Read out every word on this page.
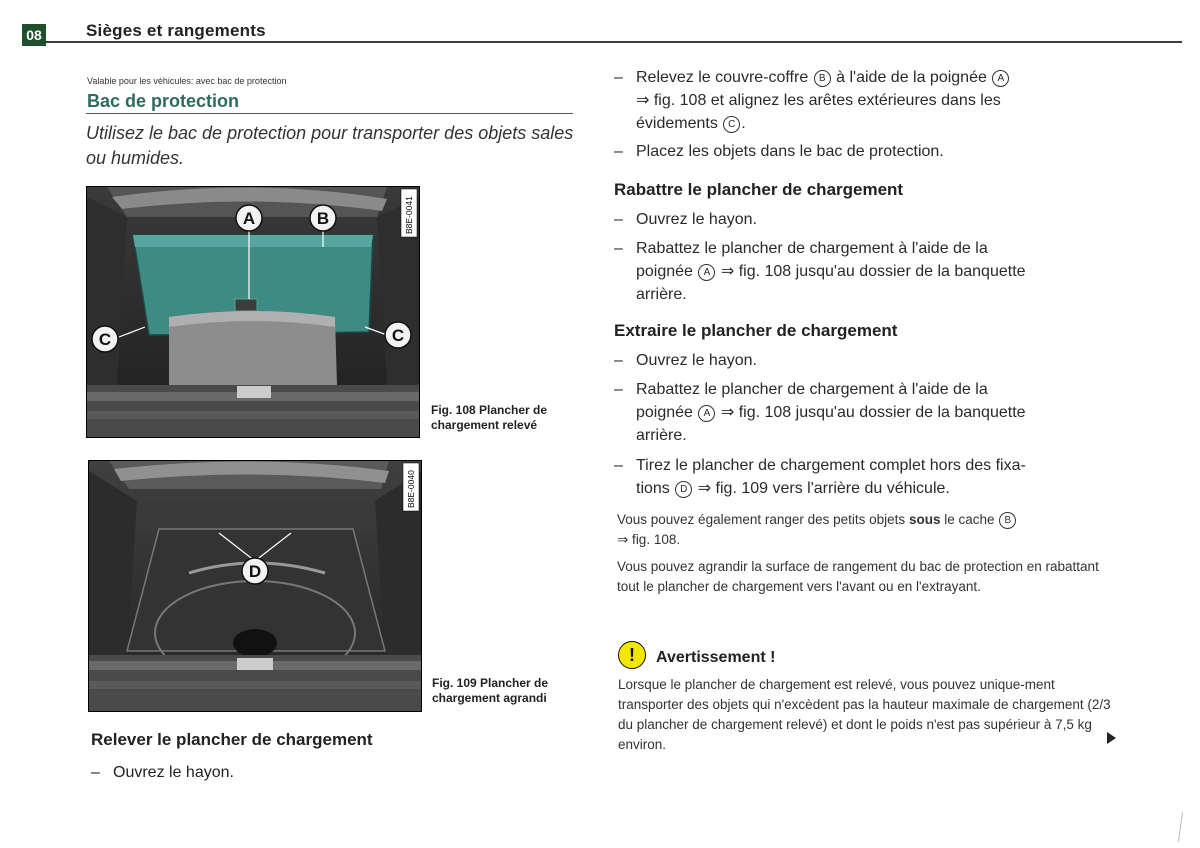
08	Sièges et rangements
Valable pour les véhicules: avec bac de protection
Bac de protection
Utilisez le bac de protection pour transporter des objets sales ou humides.
B8E-0041
A	B
C	C
Fig. 108 Plancher de chargement relevé
B8E-0040
D
Fig. 109 Plancher de chargement agrandi
Relever le plancher de chargement
– Ouvrez le hayon.
– Relevez le couvre-coffre B à l'aide de la poignée A
⇒ fig. 108 et alignez les arêtes extérieures dans les
évidements C .
– Placez les objets dans le bac de protection.
Rabattre le plancher de chargement
– Ouvrez le hayon.
– Rabattez le plancher de chargement à l'aide de la
poignée A ⇒ fig. 108 jusqu'au dossier de la banquette
arrière.
Extraire le plancher de chargement
– Ouvrez le hayon.
– Rabattez le plancher de chargement à l'aide de la
poignée A ⇒ fig. 108 jusqu'au dossier de la banquette
arrière.
– Tirez le plancher de chargement complet hors des fixa-
tions D ⇒ fig. 109 vers l'arrière du véhicule.
Vous pouvez également ranger des petits objets sous le cache B
⇒ fig. 108.
Vous pouvez agrandir la surface de rangement du bac de protection en rabattant tout le plancher de chargement vers l'avant ou en l'extrayant.
!	Avertissement !
Lorsque le plancher de chargement est relevé, vous pouvez unique-ment transporter des objets qui n'excèdent pas la hauteur maximale de chargement (2/3 du plancher de chargement relevé) et dont le poids n'est pas supérieur à 7,5 kg environ.
